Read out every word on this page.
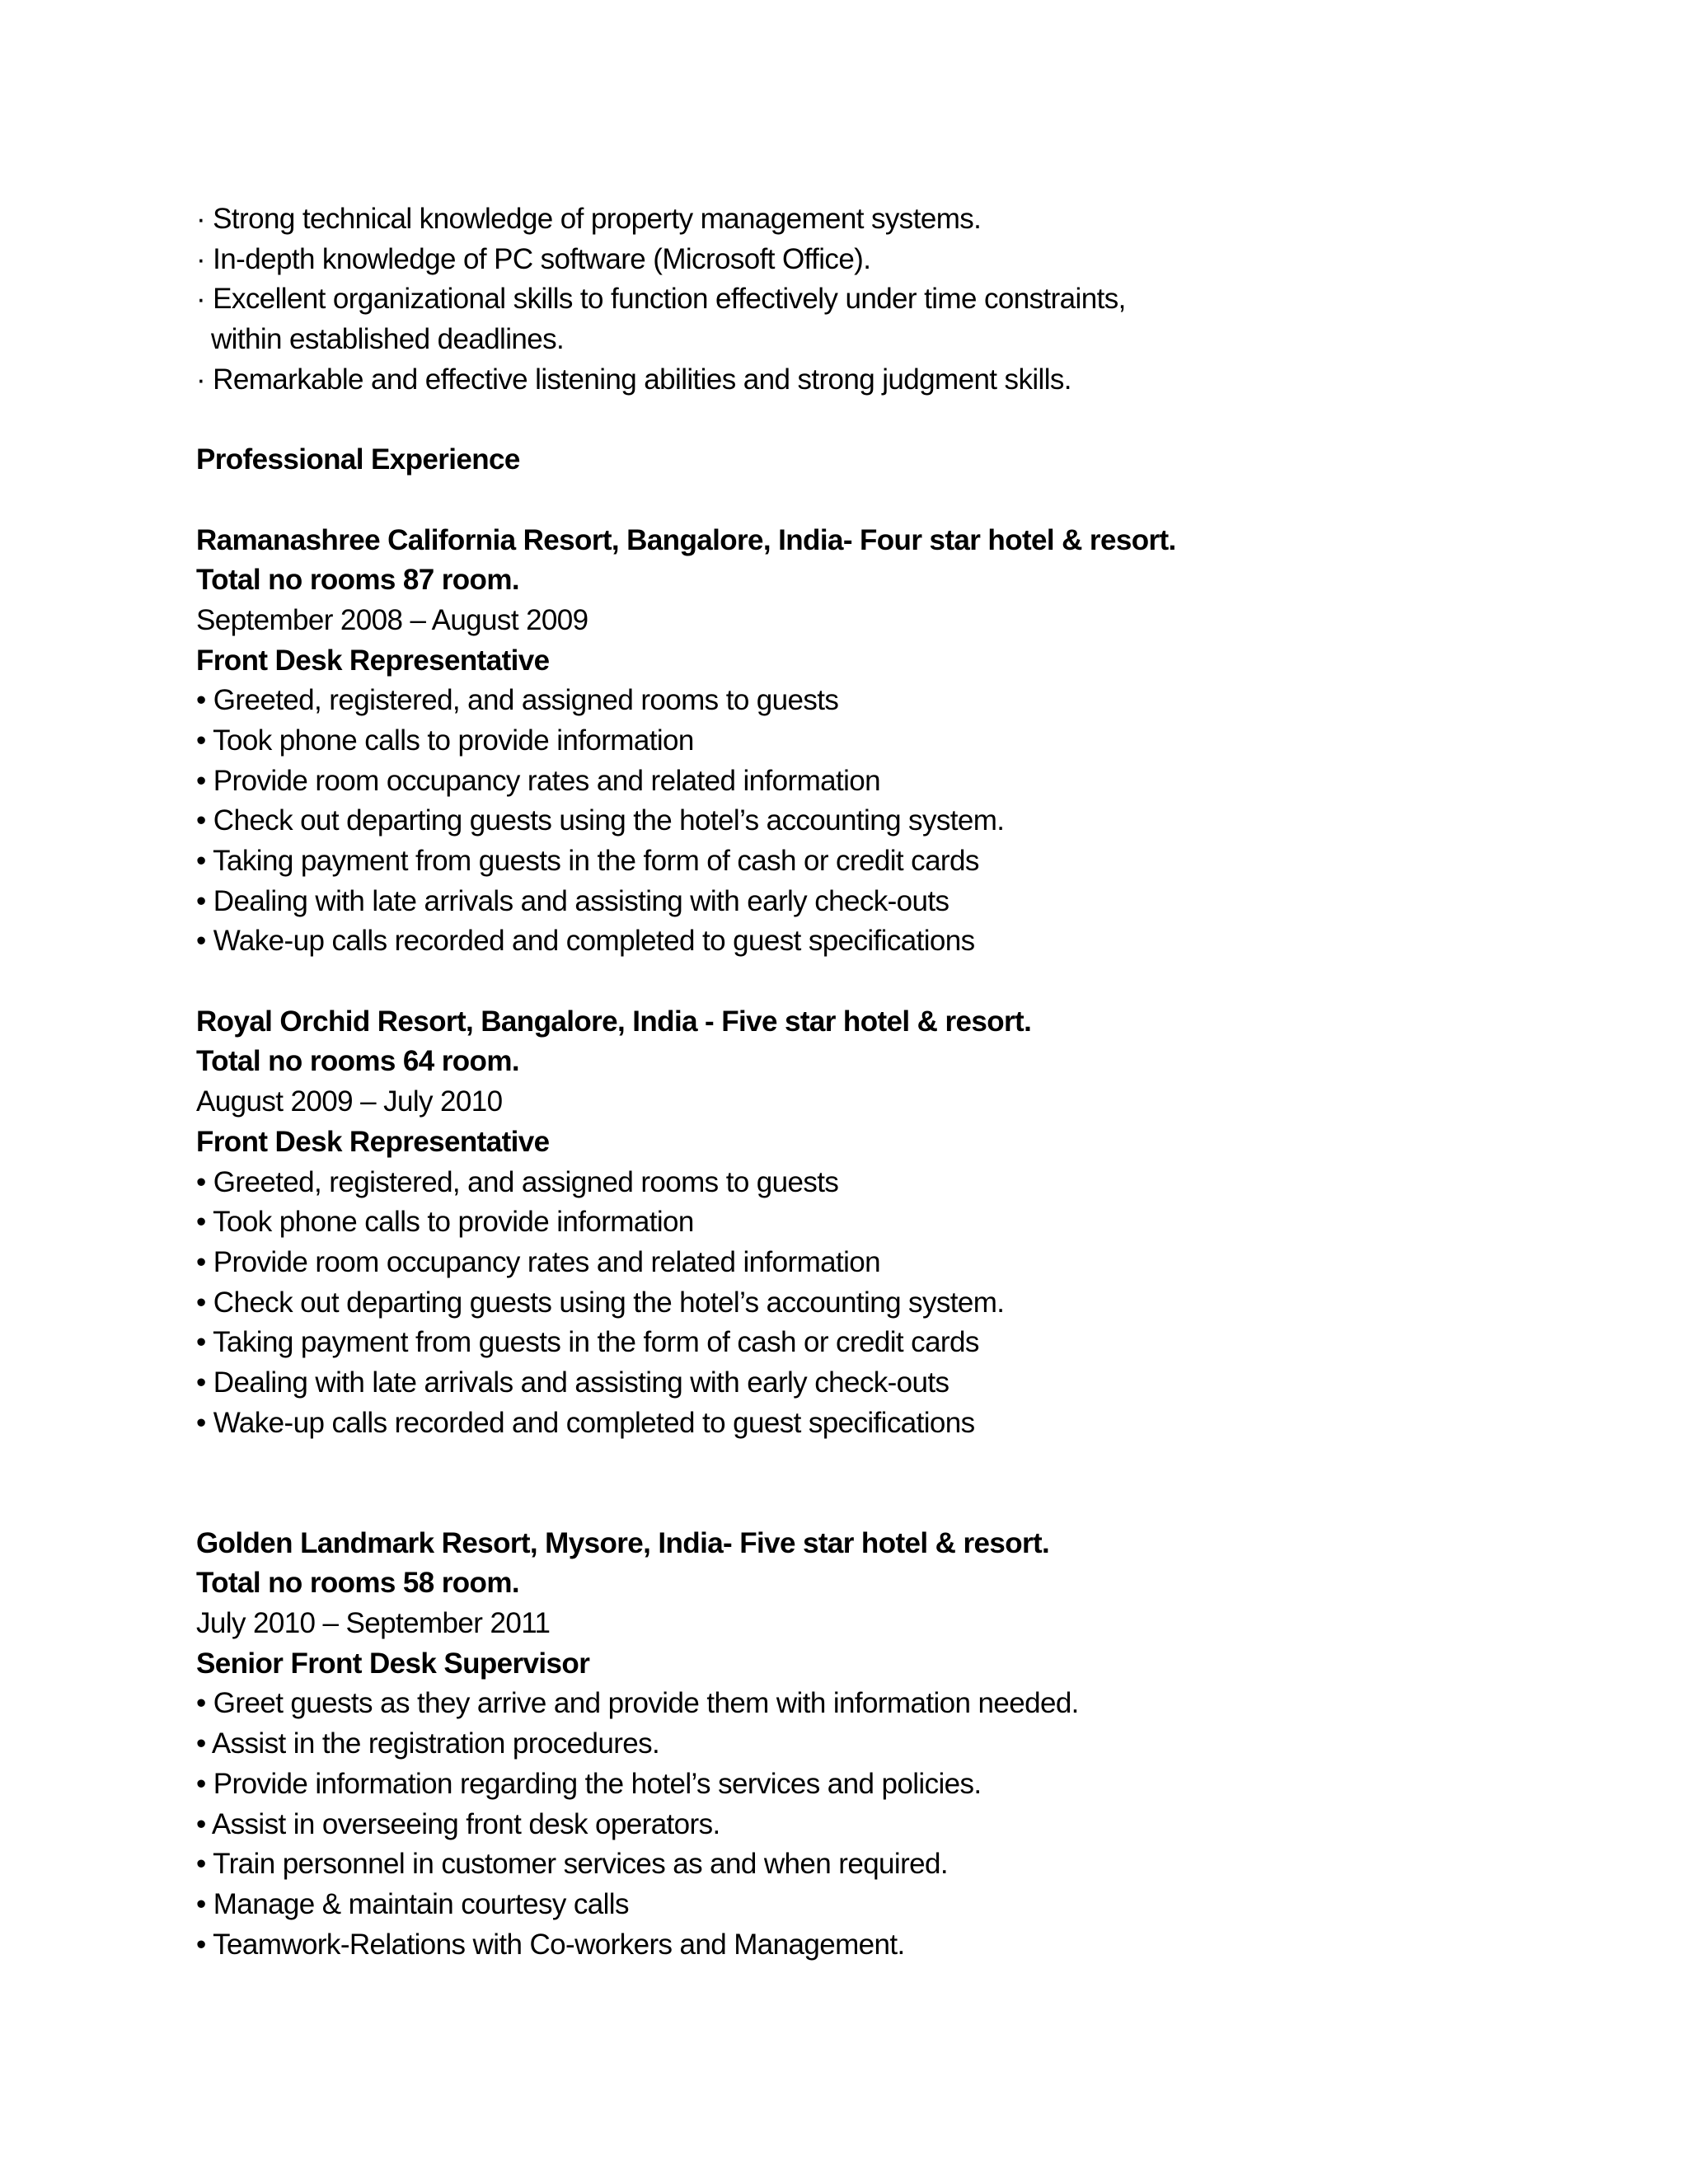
· Strong technical knowledge of property management systems.
· In-depth knowledge of PC software (Microsoft Office).
· Excellent organizational skills to function effectively under time constraints,
within established deadlines.
· Remarkable and effective listening abilities and strong judgment skills.
Professional Experience
Ramanashree California Resort, Bangalore, India- Four star hotel & resort.
Total no rooms 87 room.
September 2008 – August 2009
Front Desk Representative
• Greeted, registered, and assigned rooms to guests
• Took phone calls to provide information
• Provide room occupancy rates and related information
• Check out departing guests using the hotel’s accounting system.
• Taking payment from guests in the form of cash or credit cards
• Dealing with late arrivals and assisting with early check-outs
• Wake-up calls recorded and completed to guest specifications
Royal Orchid Resort, Bangalore, India - Five star hotel & resort.
Total no rooms 64 room.
August 2009 – July 2010
Front Desk Representative
• Greeted, registered, and assigned rooms to guests
• Took phone calls to provide information
• Provide room occupancy rates and related information
• Check out departing guests using the hotel’s accounting system.
• Taking payment from guests in the form of cash or credit cards
• Dealing with late arrivals and assisting with early check-outs
• Wake-up calls recorded and completed to guest specifications
Golden Landmark Resort, Mysore, India- Five star hotel & resort.
Total no rooms 58 room.
July 2010 – September 2011
Senior Front Desk Supervisor
• Greet guests as they arrive and provide them with information needed.
• Assist in the registration procedures.
• Provide information regarding the hotel’s services and policies.
• Assist in overseeing front desk operators.
• Train personnel in customer services as and when required.
• Manage & maintain courtesy calls
• Teamwork-Relations with Co-workers and Management.
